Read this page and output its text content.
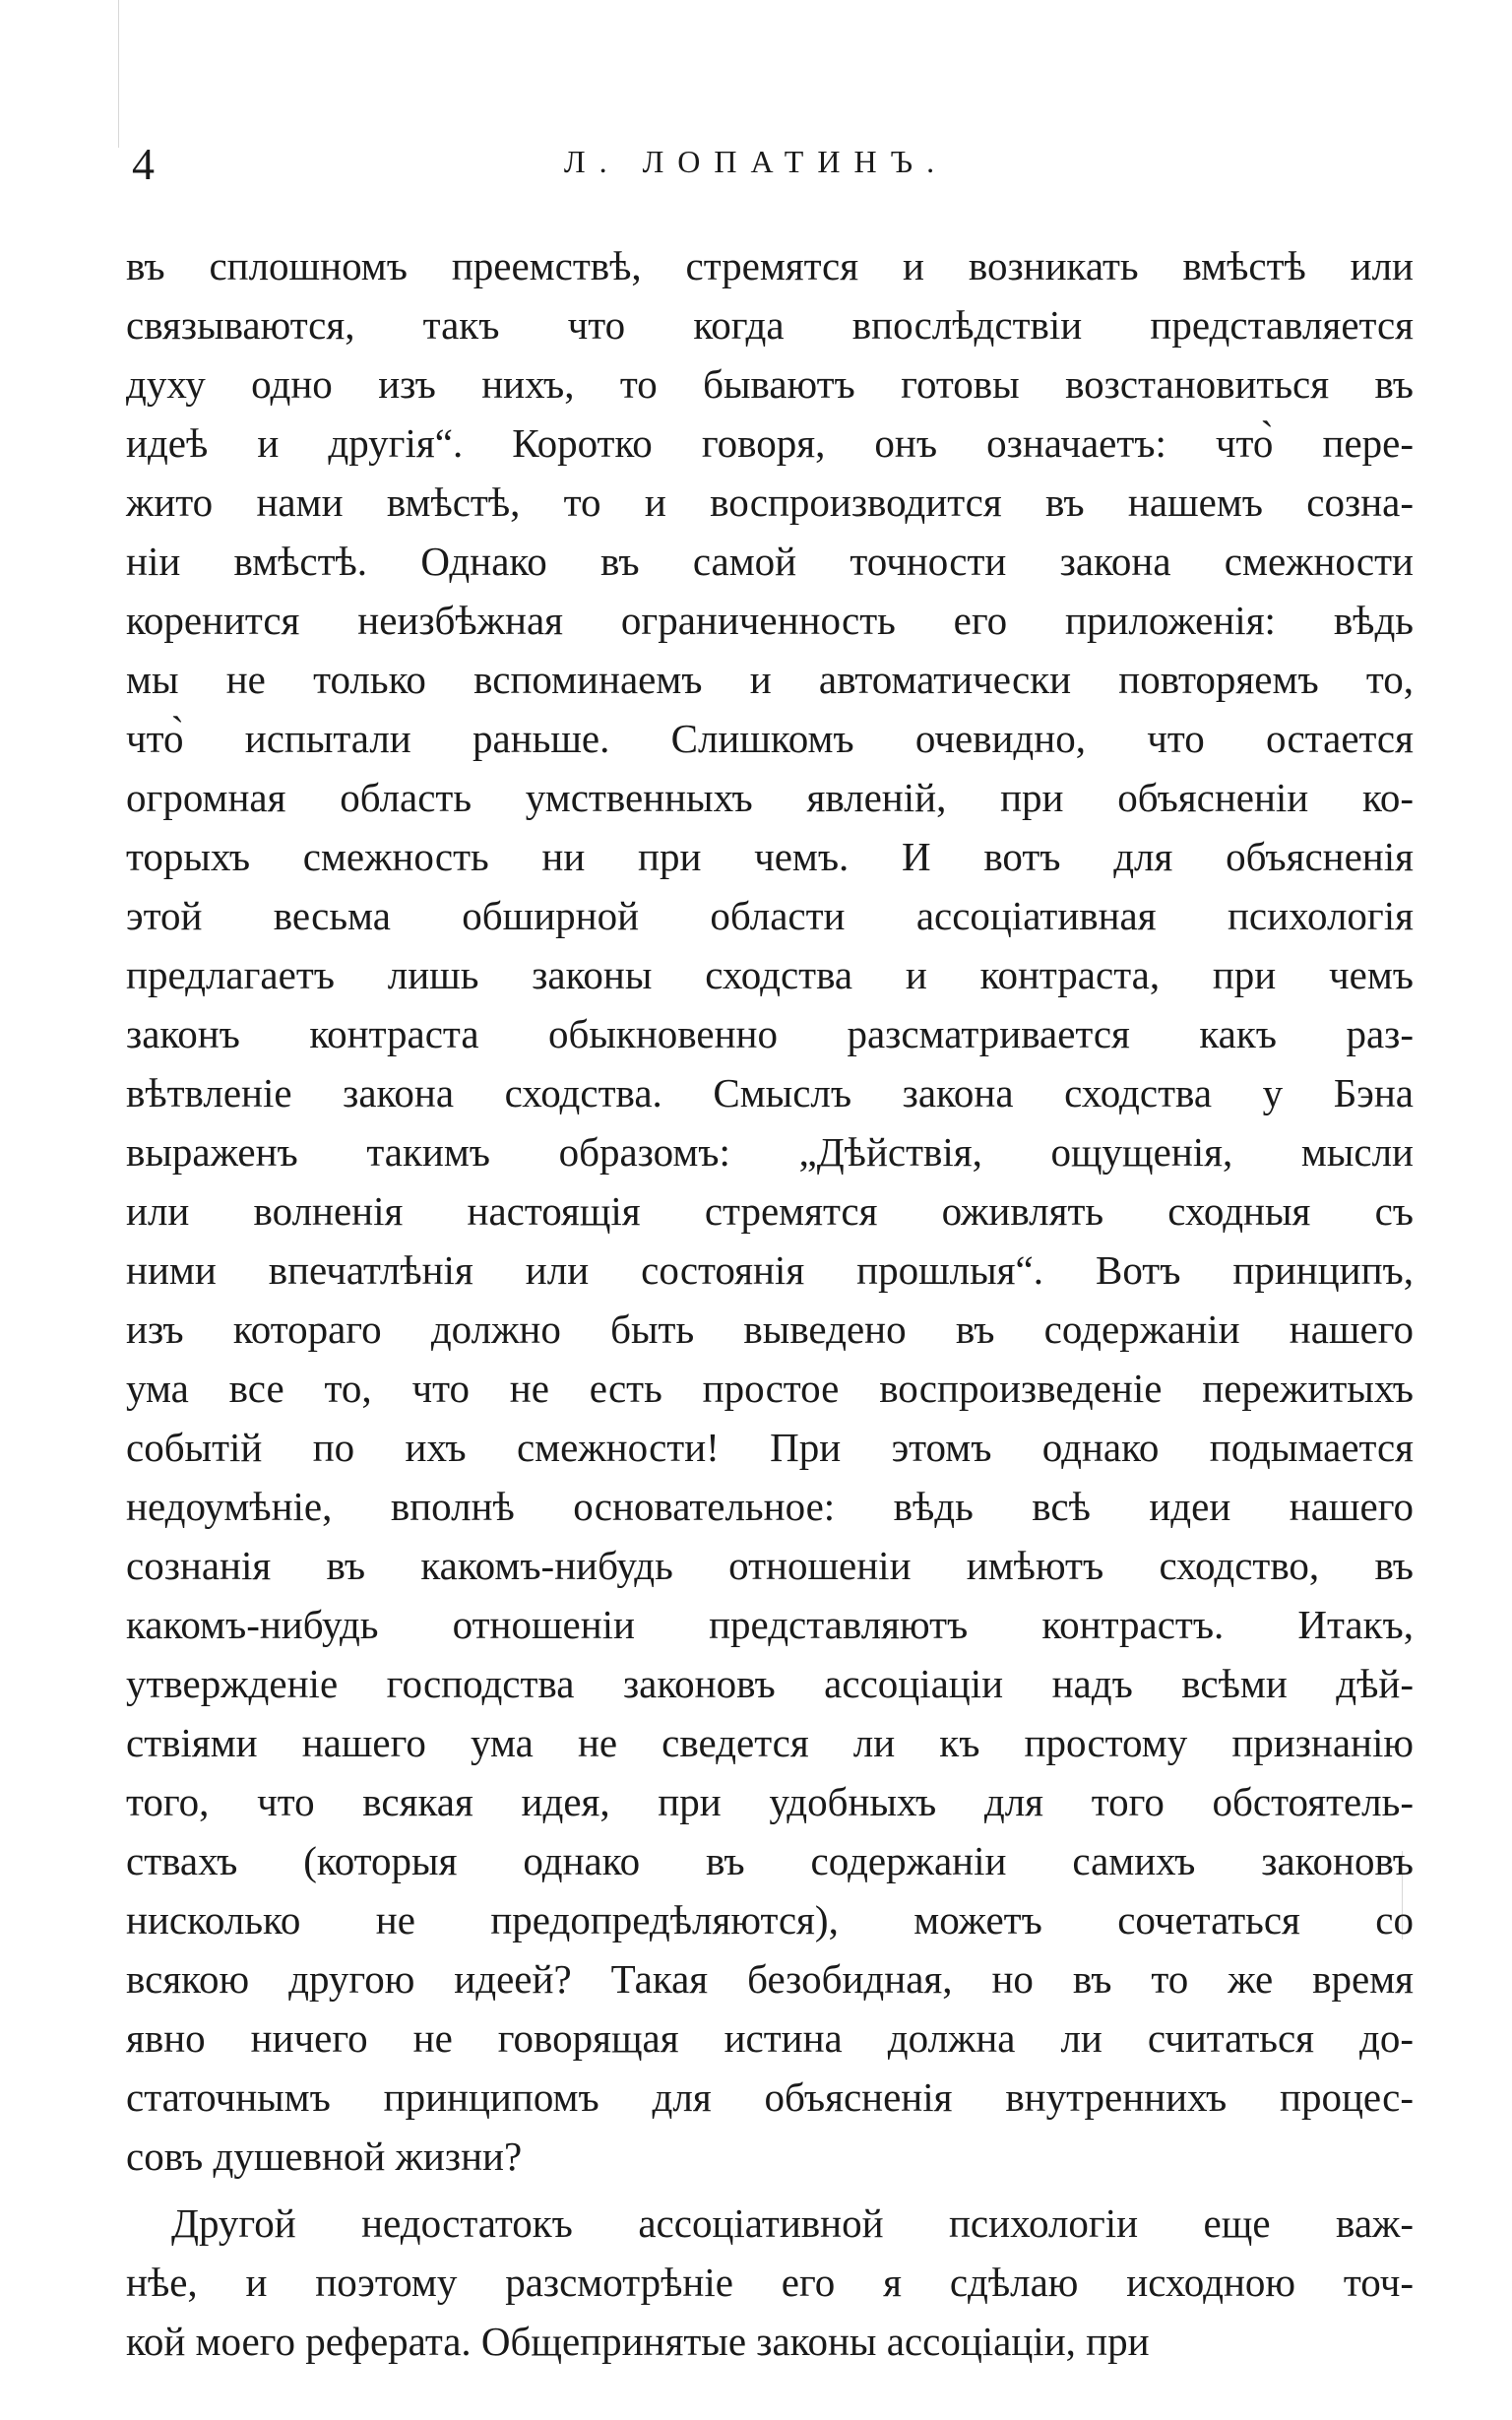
4	Л. ЛОПАТИНЪ.
въ сплошномъ преемствѣ, стремятся и возникать вмѣстѣ или
связываются, такъ что когда впослѣдствіи представляется
духу одно изъ нихъ, то бываютъ готовы возстановиться въ
идеѣ и другія“. Коротко говоря, онъ означаетъ: что̀ пере-
жито нами вмѣстѣ, то и воспроизводится въ нашемъ созна-
ніи вмѣстѣ. Однако въ самой точности закона смежности
коренится неизбѣжная ограниченность его приложенія: вѣдь
мы не только вспоминаемъ и автоматически повторяемъ то,
что̀ испытали раньше. Слишкомъ очевидно, что остается
огромная область умственныхъ явленій, при объясненіи ко-
торыхъ смежность ни при чемъ. И вотъ для объясненія
этой весьма обширной области ассоціативная психологія
предлагаетъ лишь законы сходства и контраста, при чемъ
законъ контраста обыкновенно разсматривается какъ раз-
вѣтвленіе закона сходства. Смыслъ закона сходства у Бэна
выраженъ такимъ образомъ: „Дѣйствія, ощущенія, мысли
или волненія настоящія стремятся оживлять сходныя съ
ними впечатлѣнія или состоянія прошлыя“. Вотъ принципъ,
изъ котораго должно быть выведено въ содержаніи нашего
ума все то, что не есть простое воспроизведеніе пережитыхъ
событій по ихъ смежности! При этомъ однако подымается
недоумѣніе, вполнѣ основательное: вѣдь всѣ идеи нашего
сознанія въ какомъ-нибудь отношеніи имѣютъ сходство, въ
какомъ-нибудь отношеніи представляютъ контрастъ. Итакъ,
утвержденіе господства законовъ ассоціаціи надъ всѣми дѣй-
ствіями нашего ума не сведется ли къ простому признанію
того, что всякая идея, при удобныхъ для того обстоятель-
ствахъ (которыя однако въ содержаніи самихъ законовъ
нисколько не предопредѣляются), можетъ сочетаться со
всякою другою идеей? Такая безобидная, но въ то же время
явно ничего не говорящая истина должна ли считаться до-
статочнымъ принципомъ для объясненія внутреннихъ процес-
совъ душевной жизни?
Другой недостатокъ ассоціативной психологіи еще важ-
нѣе, и поэтому разсмотрѣніе его я сдѣлаю исходною точ-
кой моего реферата. Общепринятые законы ассоціаціи, при
